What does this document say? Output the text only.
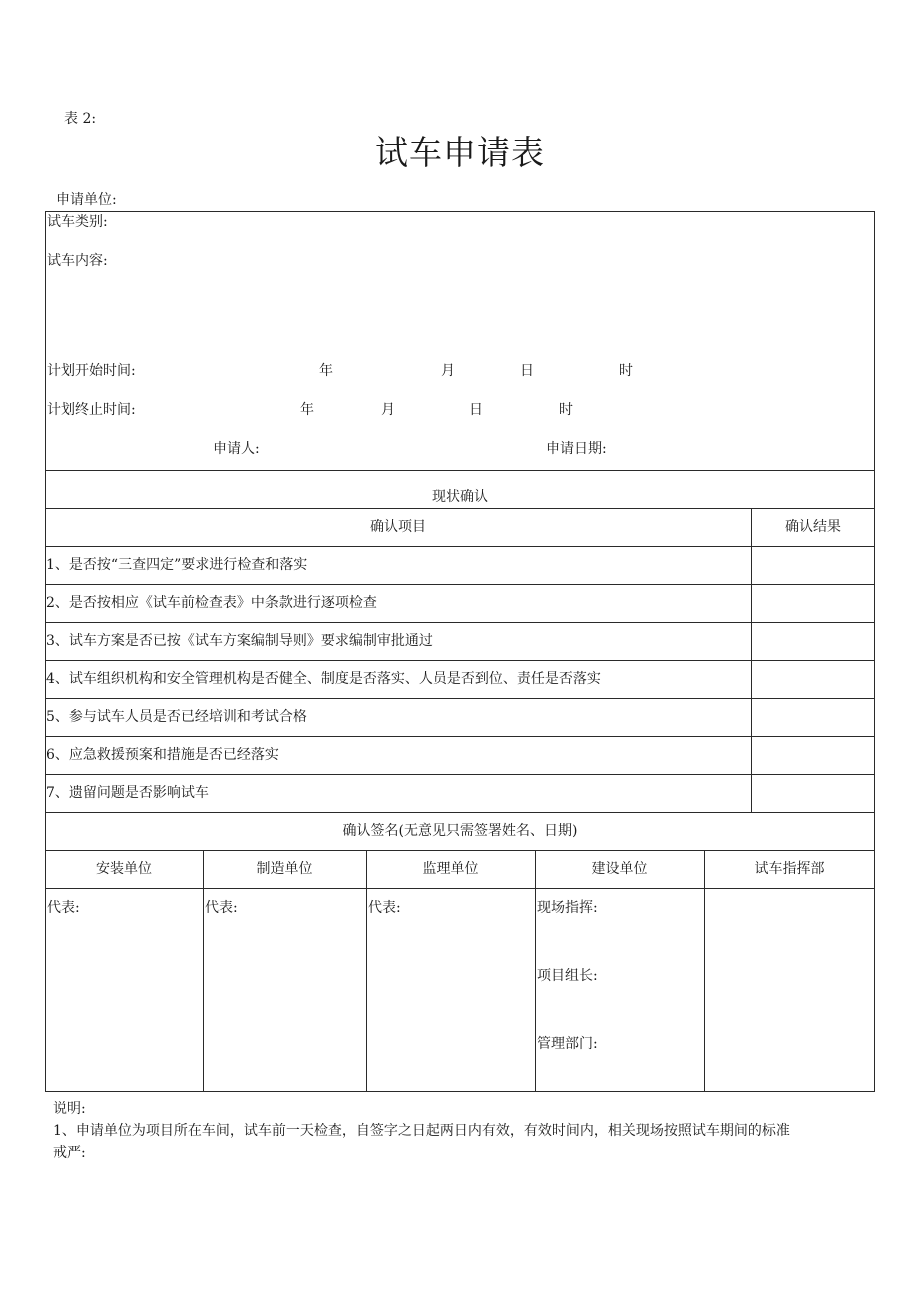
表 2:
试车申请表
申请单位:
试车类别:
试车内容:
计划开始时间:	年	月	日	时
计划终止时间:	年	月	日	时
申请人:	申请日期:
现状确认
确认项目	确认结果
1、是否按“三查四定”要求进行检查和落实
2、是否按相应《试车前检查表》中条款进行逐项检查
3、试车方案是否已按《试车方案编制导则》要求编制审批通过
4、试车组织机构和安全管理机构是否健全、制度是否落实、人员是否到位、责任是否落实
5、参与试车人员是否已经培训和考试合格
6、应急救援预案和措施是否已经落实
7、遗留问题是否影响试车
确认签名(无意见只需签署姓名、日期)
安装单位	制造单位	监理单位	建设单位	试车指挥部
代表:	代表:	代表:	现场指挥:
项目组长:
管理部门:
说明:
1、申请单位为项目所在车间，试车前一天检查，自签字之日起两日内有效，有效时间内，相关现场按照试车期间的标准
戒严:
